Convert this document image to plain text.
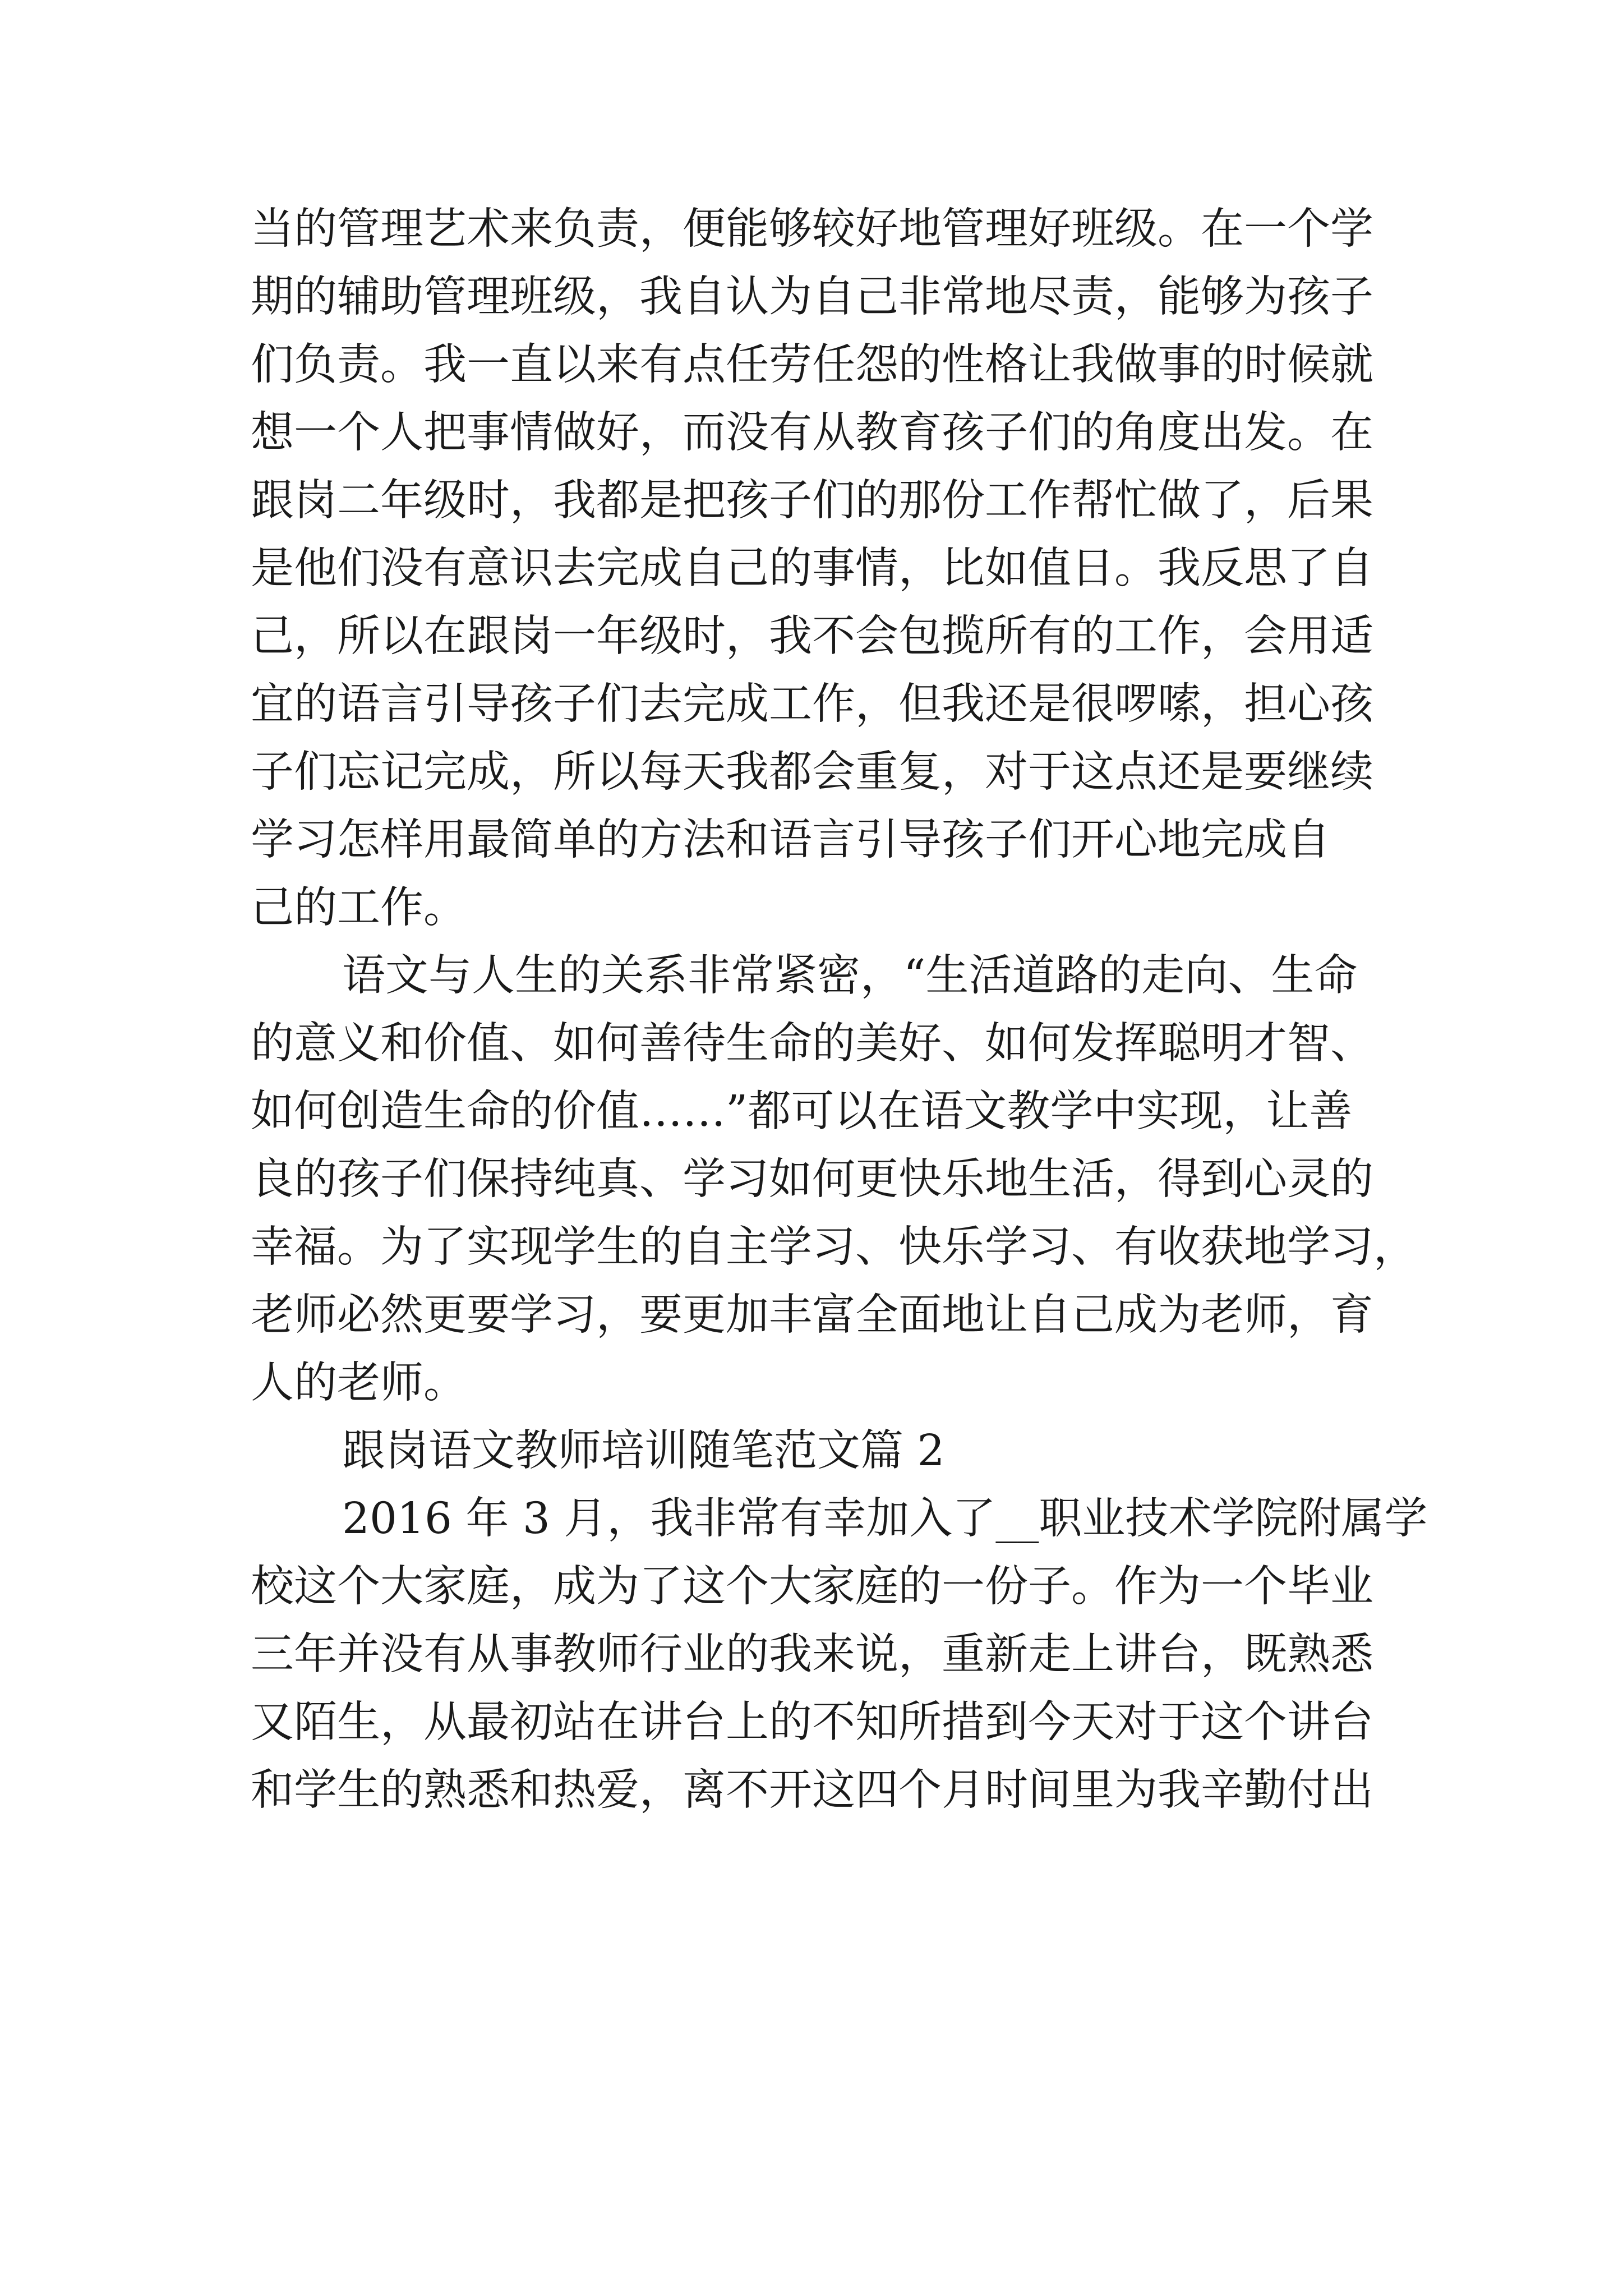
当的管理艺术来负责，便能够较好地管理好班级。在一个学
期的辅助管理班级，我自认为自己非常地尽责，能够为孩子
们负责。我一直以来有点任劳任怨的性格让我做事的时候就
想一个人把事情做好，而没有从教育孩子们的角度出发。在
跟岗二年级时，我都是把孩子们的那份工作帮忙做了，后果
是他们没有意识去完成自己的事情，比如值日。我反思了自
己，所以在跟岗一年级时，我不会包揽所有的工作，会用适
宜的语言引导孩子们去完成工作，但我还是很啰嗦，担心孩
子们忘记完成，所以每天我都会重复，对于这点还是要继续
学习怎样用最简单的方法和语言引导孩子们开心地完成自
己的工作。
语文与人生的关系非常紧密，“生活道路的走向、生命
的意义和价值、如何善待生命的美好、如何发挥聪明才智、
如何创造生命的价值……”都可以在语文教学中实现，让善
良的孩子们保持纯真、学习如何更快乐地生活，得到心灵的
幸福。为了实现学生的自主学习、快乐学习、有收获地学习，
老师必然更要学习，要更加丰富全面地让自己成为老师，育
人的老师。
跟岗语文教师培训随笔范文篇 2
2016 年 3 月，我非常有幸加入了__职业技术学院附属学
校这个大家庭，成为了这个大家庭的一份子。作为一个毕业
三年并没有从事教师行业的我来说，重新走上讲台，既熟悉
又陌生，从最初站在讲台上的不知所措到今天对于这个讲台
和学生的熟悉和热爱，离不开这四个月时间里为我辛勤付出
